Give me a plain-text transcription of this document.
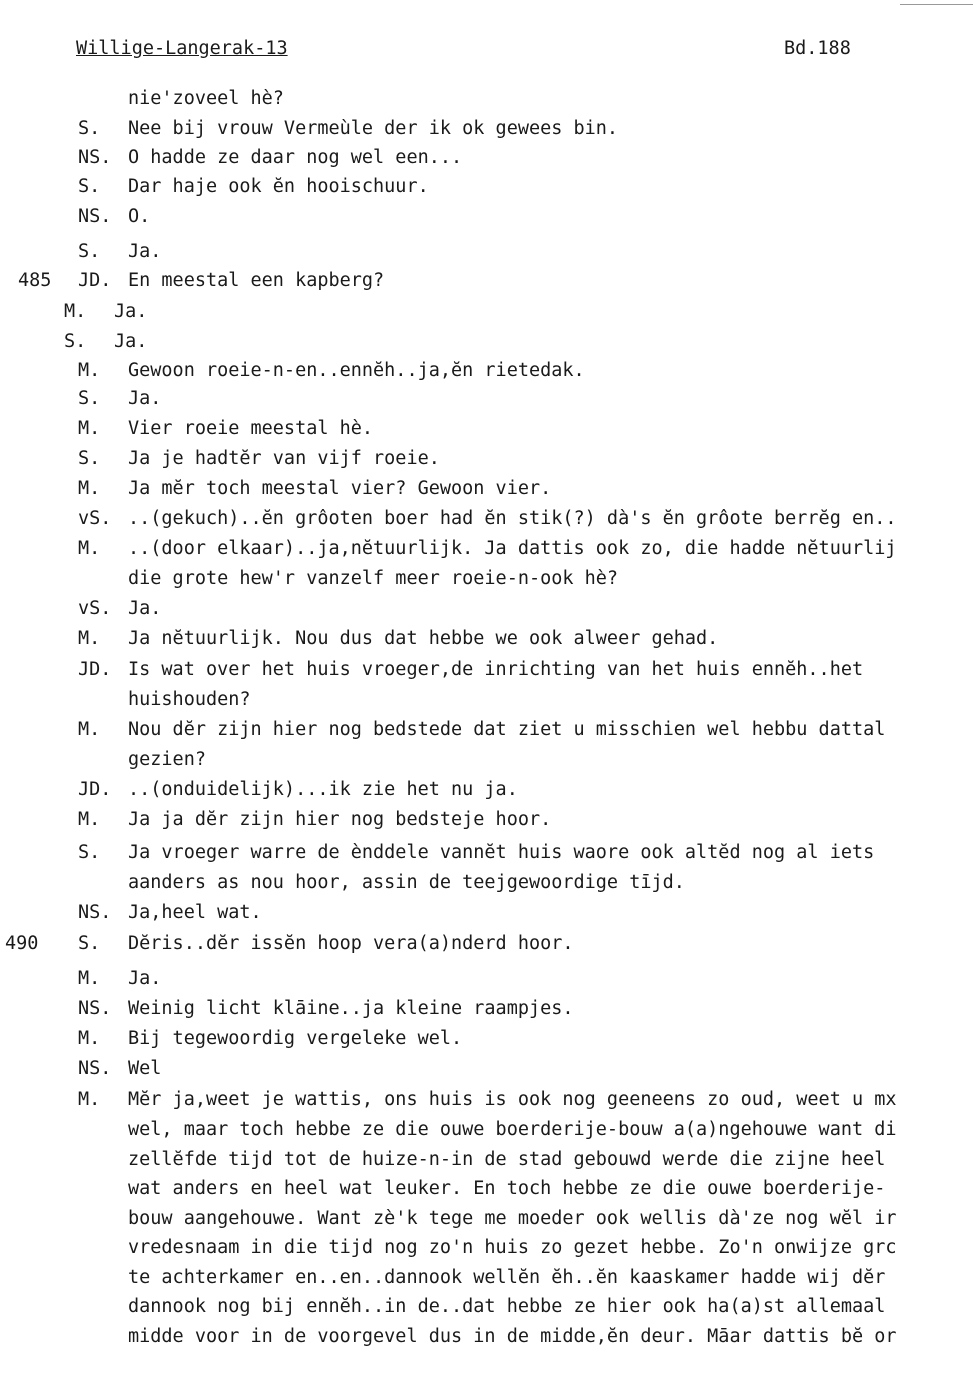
Willige-Langerak-13	Bd.188
nie'zoveel hè?
S. Nee bij vrouw Vermeùle der ik ok gewees bin.
NS. O hadde ze daar nog wel een...
S. Dar haje ook ĕn hooischuur.
NS. O.
S. Ja.
485	JD. En meestal een kapberg?
M. Ja.
S. Ja.
M. Gewoon roeie-n-en..ennĕh..ja,ĕn rietedak.
S. Ja.
M. Vier roeie meestal hè.
S. Ja je hadtĕr van vijf roeie.
M. Ja mĕr toch meestal vier? Gewoon vier.
vS. ..(gekuch)..ĕn grôoten boer had ĕn stik(?) dà's ĕn grôote berrĕg en..
M. ..(door elkaar)..ja,nĕtuurlijk. Ja dattis ook zo, die hadde nĕtuurlij
die grote hew'r vanzelf meer roeie-n-ook hè?
vS. Ja.
M. Ja nĕtuurlijk. Nou dus dat hebbe we ook alweer gehad.
JD. Is wat over het huis vroeger,de inrichting van het huis ennĕh..het
huishouden?
M. Nou dĕr zijn hier nog bedstede dat ziet u misschien wel hebbu dattal
gezien?
JD. ..(onduidelijk)...ik zie het nu ja.
M. Ja ja dĕr zijn hier nog bedsteje hoor.
S. Ja vroeger warre de ènddele vannĕt huis waore ook altĕd nog al iets
aanders as nou hoor, assin de teejgewoordige tījd.
NS. Ja,heel wat.
490	S. Dĕris..dĕr issĕn hoop vera(a)nderd hoor.
M. Ja.
NS. Weinig licht klāine..ja kleine raampjes.
M. Bij tegewoordig vergeleke wel.
NS. Wel
M. Mĕr ja,weet je wattis, ons huis is ook nog geeneens zo oud, weet u mx
wel, maar toch hebbe ze die ouwe boerderije-bouw a(a)ngehouwe want di
zellĕfde tijd tot de huize-n-in de stad gebouwd werde die zijne heel
wat anders en heel wat leuker. En toch hebbe ze die ouwe boerderije-
bouw aangehouwe. Want zè'k tege me moeder ook wellis dà'ze nog wĕl ir
vredesnaam in die tijd nog zo'n huis zo gezet hebbe. Zo'n onwijze grc
te achterkamer en..en..dannook wellĕn ĕh..ĕn kaaskamer hadde wij dĕr
dannook nog bij ennĕh..in de..dat hebbe ze hier ook ha(a)st allemaal
midde voor in de voorgevel dus in de midde,ĕn deur. Māar dattis bĕ or
